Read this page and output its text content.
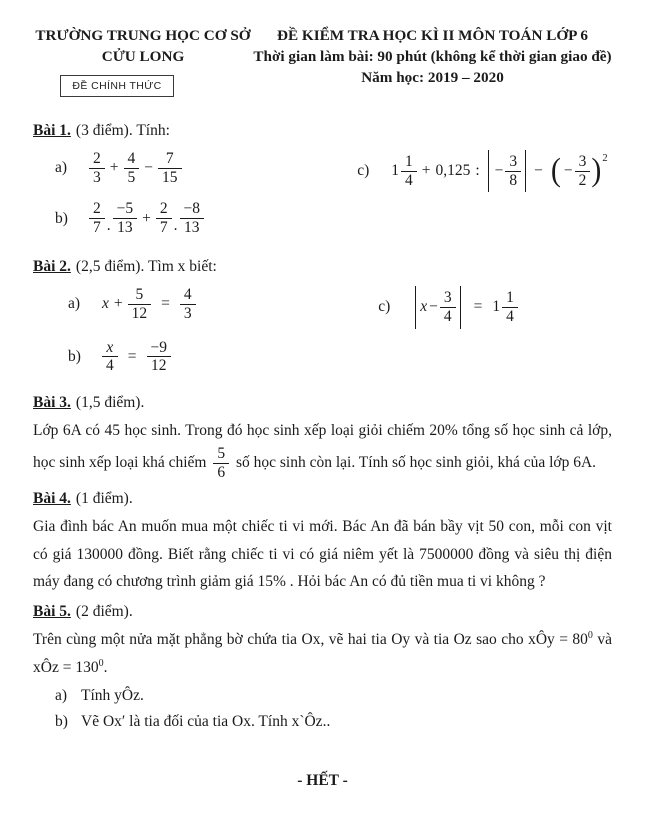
TRƯỜNG TRUNG HỌC CƠ SỞ
CỬU LONG
ĐỀ CHÍNH THỨC
ĐỀ KIỂM TRA HỌC KÌ II MÔN TOÁN LỚP 6
Thời gian làm bài: 90 phút (không kể thời gian giao đề)
Năm học: 2019 – 2020
Bài 1. (3 điểm). Tính:
a)	$\frac{2}{3} + \frac{4}{5} - \frac{7}{15}$
b)	$\frac{2}{7}$ . $\frac{-5}{13} + \frac{2}{7}$ . $\frac{-8}{13}$
c)	$1 \frac{1}{4} + 0,125$ : − $\frac{3}{8}$ − ( − $\frac{3}{2}$ ) 2
Bài 2. (2,5 điểm). Tìm x biết:
a)	$x + \frac{5}{12} = \frac{4}{3}$
b)	$\frac{x}{4} = \frac{-9}{12}$
c)	$x - \frac{3}{4} = 1 \frac{1}{4}$
Bài 3. (1,5 điểm).
Lớp 6A có 45 học sinh. Trong đó học sinh xếp loại giỏi chiếm 20% tổng số học sinh cả lớp, học sinh xếp loại khá chiếm $\frac{5}{6}$ số học sinh còn lại. Tính số học sinh giỏi, khá của lớp 6A.
Bài 4. (1 điểm).
Gia đình bác An muốn mua một chiếc ti vi mới. Bác An đã bán bầy vịt 50 con, mỗi con vịt có giá 130000 đồng. Biết rằng chiếc ti vi có giá niêm yết là 7500000 đồng và siêu thị điện máy đang có chương trình giảm giá 15% . Hỏi bác An có đủ tiền mua ti vi không ?
Bài 5. (2 điểm).
Trên cùng một nửa mặt phẳng bờ chứa tia Ox, vẽ hai tia Oy và tia Oz sao cho xÔy = $80^0$ và xÔz = $130^0$.
a) Tính yÔz.
b) Vẽ Ox′ là tia đối của tia Ox. Tính x`Ôz..
- HẾT -
